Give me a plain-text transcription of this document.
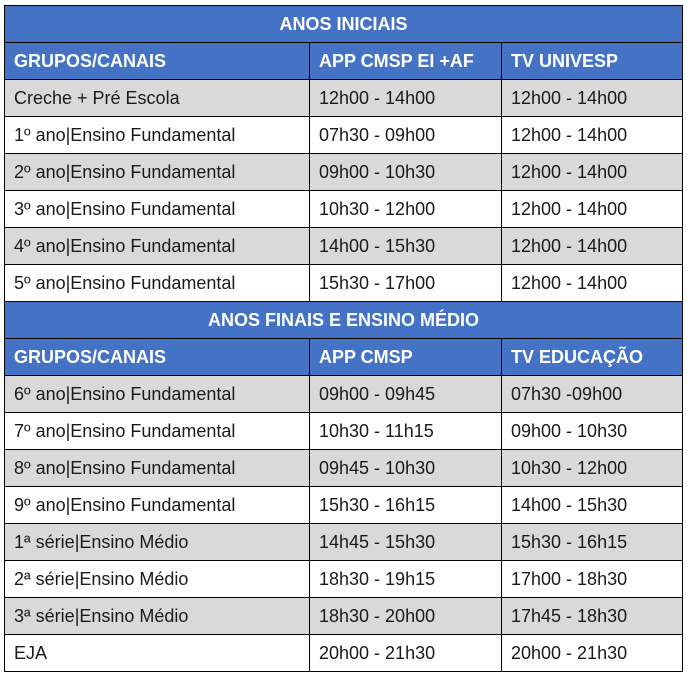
ANOS INICIAIS		
GRUPOS/CANAIS	APP CMSP EI +AF	TV UNIVESP
Creche + Pré Escola	12h00 - 14h00	12h00 - 14h00
1º ano|Ensino Fundamental	07h30 - 09h00	12h00 - 14h00
2º ano|Ensino Fundamental	09h00 - 10h30	12h00 - 14h00
3º ano|Ensino Fundamental	10h30 - 12h00	12h00 - 14h00
4º ano|Ensino Fundamental	14h00 - 15h30	12h00 - 14h00
5º ano|Ensino Fundamental	15h30 - 17h00	12h00 - 14h00
ANOS FINAIS E ENSINO MÉDIO		
GRUPOS/CANAIS	APP CMSP	TV EDUCAÇÃO
6º ano|Ensino Fundamental	09h00 - 09h45	07h30 -09h00
7º ano|Ensino Fundamental	10h30 - 11h15	09h00 - 10h30
8º ano|Ensino Fundamental	09h45 - 10h30	10h30 - 12h00
9º ano|Ensino Fundamental	15h30 - 16h15	14h00 - 15h30
1ª série|Ensino Médio	14h45 - 15h30	15h30 - 16h15
2ª série|Ensino Médio	18h30 - 19h15	17h00 - 18h30
3ª série|Ensino Médio	18h30 - 20h00	17h45 - 18h30
EJA	20h00 - 21h30	20h00 - 21h30
